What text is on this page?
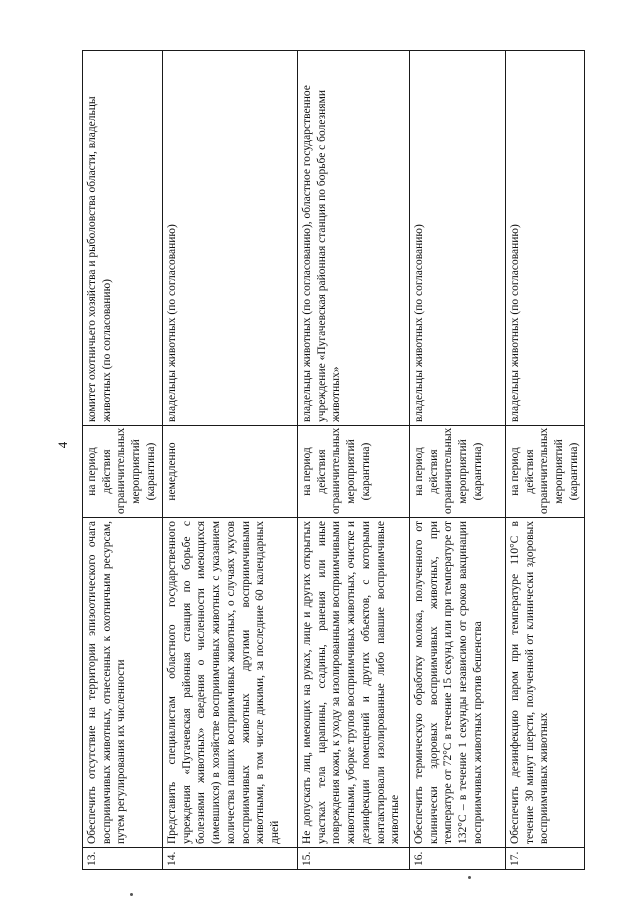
4
13.	Обеспечить отсутствие на территории эпизоотического очага восприимчивых животных, отнесенных к охотничьим ресурсам, путем регулирования их численности	на период действия ограничительных мероприятий (карантина)	комитет охотничьего хозяйства и рыболовства области, владельцы животных (по согласованию)
14.	Представить специалистам областного государственного учреждения «Пугачевская районная станция по борьбе с болезнями животных» сведения о численности имеющихся (имевшихся) в хозяйстве восприимчивых животных с указанием количества павших восприимчивых животных, о случаях укусов восприимчивых животных другими восприимчивыми животными, в том числе дикими, за последние 60 календарных дней	немедленно	владельцы животных (по согласованию)
15.	Не допускать лиц, имеющих на руках, лице и других открытых участках тела царапины, ссадины, ранения или иные повреждения кожи, к уходу за изолированными восприимчивыми животными, уборке трупов восприимчивых животных, очистке и дезинфекции помещений и других объектов, с которыми контактировали изолированные либо павшие восприимчивые животные	на период действия ограничительных мероприятий (карантина)	владельцы животных (по согласованию), областное государственное учреждение «Пугачевская районная станция по борьбе с болезнями животных»
16.	Обеспечить термическую обработку молока, полученного от клинически здоровых восприимчивых животных, при температуре от 72°С в течение 15 секунд или при температуре от 132°С – в течение 1 секунды независимо от сроков вакцинации восприимчивых животных против бешенства	на период действия ограничительных мероприятий (карантина)	владельцы животных (по согласованию)
17.	Обеспечить дезинфекцию паром при температуре 110°С в течение 30 минут шерсти, полученной от клинически здоровых восприимчивых животных	на период действия ограничительных мероприятий (карантина)	владельцы животных (по согласованию)
